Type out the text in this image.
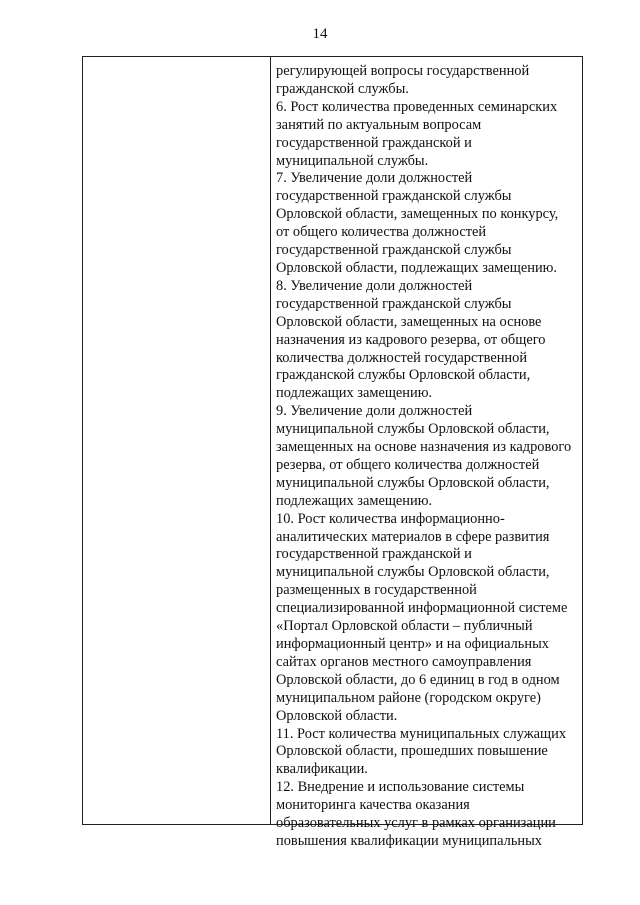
14
регулирующей вопросы государственной
гражданской службы.
6. Рост количества проведенных семинарских
занятий по актуальным вопросам
государственной гражданской и
муниципальной службы.
7. Увеличение доли должностей
государственной гражданской службы
Орловской области, замещенных по конкурсу,
от общего количества должностей
государственной гражданской службы
Орловской области, подлежащих замещению.
8. Увеличение доли должностей
государственной гражданской службы
Орловской области, замещенных на основе
назначения из кадрового резерва, от общего
количества должностей государственной
гражданской службы Орловской области,
подлежащих замещению.
9. Увеличение доли должностей
муниципальной службы Орловской области,
замещенных на основе назначения из кадрового
резерва, от общего количества должностей
муниципальной службы Орловской области,
подлежащих замещению.
10. Рост количества информационно-
аналитических материалов в сфере развития
государственной гражданской и
муниципальной службы Орловской области,
размещенных в государственной
специализированной информационной системе
«Портал Орловской области – публичный
информационный центр» и на официальных
сайтах органов местного самоуправления
Орловской области, до 6 единиц в год в одном
муниципальном районе (городском округе)
Орловской области.
11. Рост количества муниципальных служащих
Орловской области, прошедших повышение
квалификации.
12. Внедрение и использование системы
мониторинга качества оказания
образовательных услуг в рамках организации
повышения квалификации муниципальных
